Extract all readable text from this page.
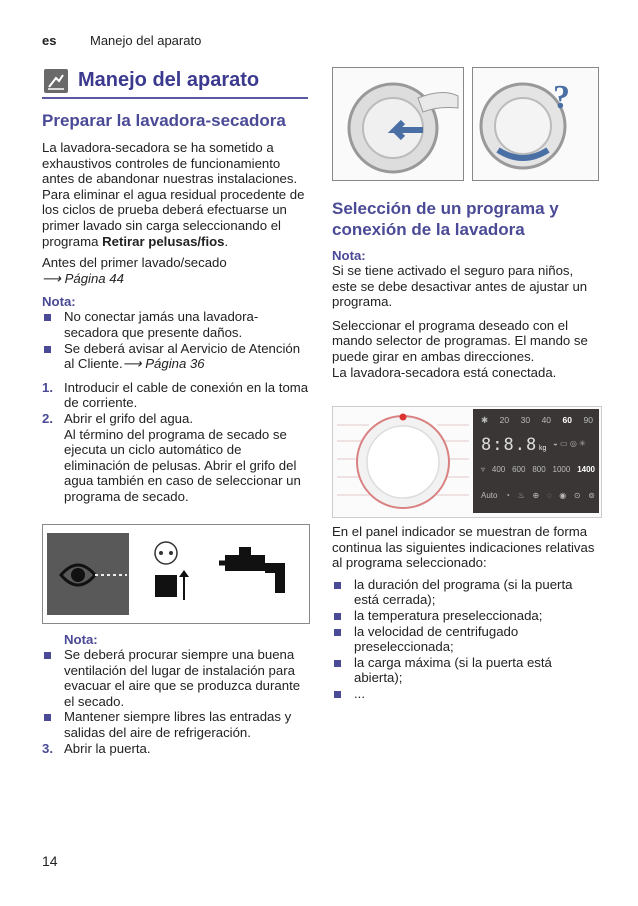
es	Manejo del aparato
Manejo del aparato
Preparar la lavadora-secadora

La lavadora-secadora se ha sometido a exhaustivos controles de funcionamiento antes de abandonar nuestras instalaciones. Para eliminar el agua residual procedente de los ciclos de prueba deberá efectuarse un primer lavado sin carga seleccionando el programa Retirar pelusas/fios.

Antes del primer lavado/secado
⟶ Página 44

Nota:
No conectar jamás una lavadora-secadora que presente daños.
Se deberá avisar al Aervicio de Atención al Cliente.⟶ Página 36
1. Introducir el cable de conexión en la toma de corriente.
2. Abrir el grifo del agua.
Al término del programa de secado se ejecuta un ciclo automático de eliminación de pelusas. Abrir el grifo del agua también en caso de seleccionar un programa de secado.
Nota:
Se deberá procurar siempre una buena ventilación del lugar de instalación para evacuar el aire que se produzca durante el secado.
Mantener siempre libres las entradas y salidas del aire de refrigeración.
3. Abrir la puerta.
?
Selección de un programa y conexión de la lavadora
Nota:

Si se tiene activado el seguro para niños, este se debe desactivar antes de ajustar un programa.

Seleccionar el programa deseado con el mando selector de programas. El mando se puede girar en ambas direcciones.
La lavadora-secadora está conectada.

✱ 20 30 40 60 90
8:8.8 kg
◒ ▭ ◎ ✳
▿ 400 600 800 1000 1400
Auto ◔ ♨ ⊕ ◌ ◉ ⊙ ⊚

En el panel indicador se muestran de forma continua las siguientes indicaciones relativas al programa seleccionado:

la duración del programa (si la puerta está cerrada);
la temperatura preseleccionada;
la velocidad de centrifugado preseleccionada;
la carga máxima (si la puerta está abierta);
...
14
